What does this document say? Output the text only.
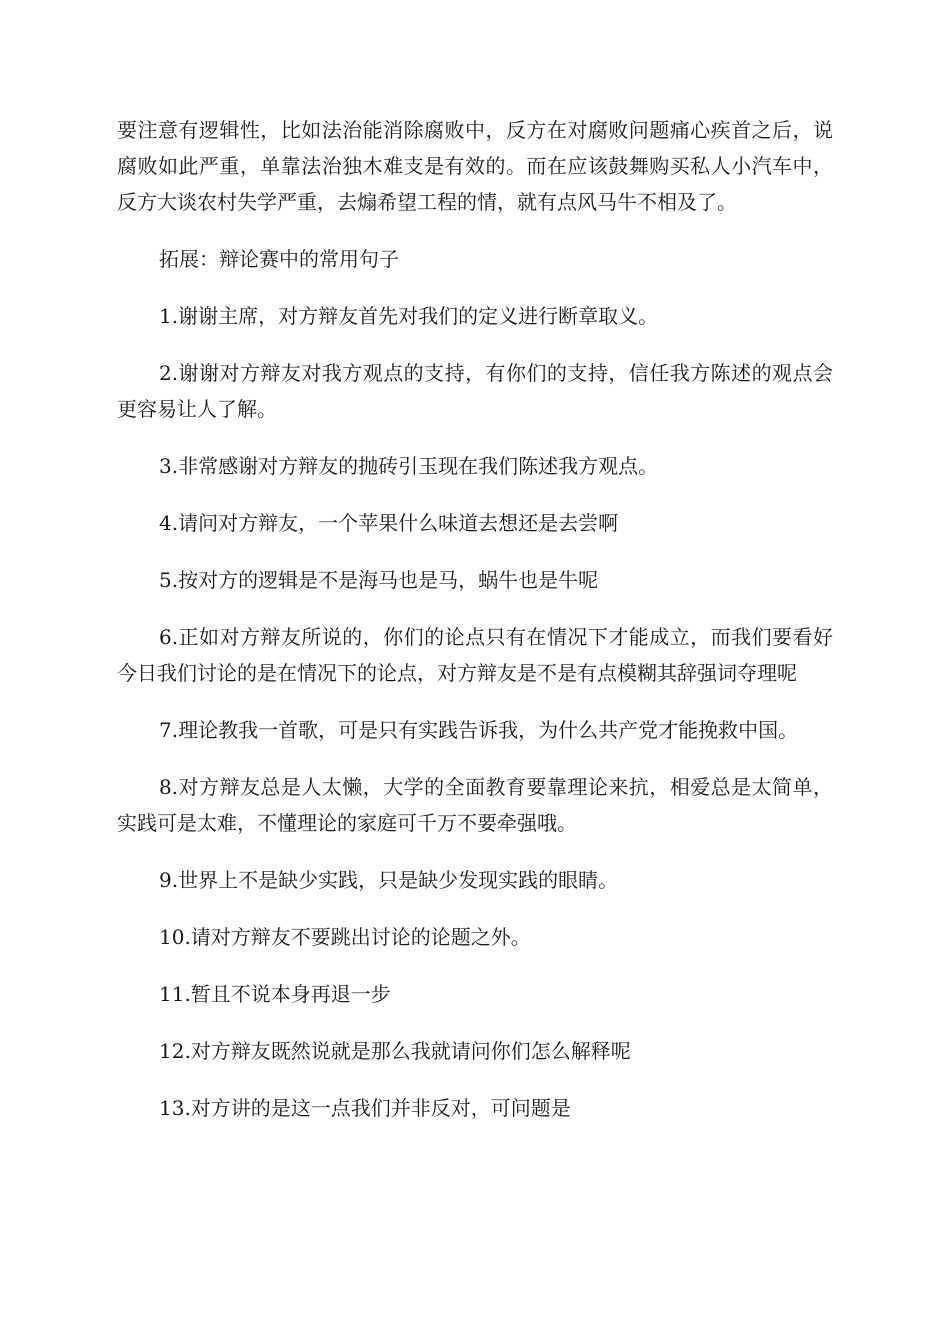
要注意有逻辑性，比如法治能消除腐败中，反方在对腐败问题痛心疾首之后，说腐败如此严重，单靠法治独木难支是有效的。而在应该鼓舞购买私人小汽车中，反方大谈农村失学严重，去煽希望工程的情，就有点风马牛不相及了。

拓展：辩论赛中的常用句子

1.谢谢主席，对方辩友首先对我们的定义进行断章取义。

2.谢谢对方辩友对我方观点的支持，有你们的支持，信任我方陈述的观点会更容易让人了解。

3.非常感谢对方辩友的抛砖引玉现在我们陈述我方观点。

4.请问对方辩友，一个苹果什么味道去想还是去尝啊

5.按对方的逻辑是不是海马也是马，蜗牛也是牛呢

6.正如对方辩友所说的，你们的论点只有在情况下才能成立，而我们要看好今日我们讨论的是在情况下的论点，对方辩友是不是有点模糊其辞强词夺理呢

7.理论教我一首歌，可是只有实践告诉我，为什么共产党才能挽救中国。

8.对方辩友总是人太懒，大学的全面教育要靠理论来抗，相爱总是太简单，实践可是太难，不懂理论的家庭可千万不要牵强哦。

9.世界上不是缺少实践，只是缺少发现实践的眼睛。

10.请对方辩友不要跳出讨论的论题之外。

11.暂且不说本身再退一步

12.对方辩友既然说就是那么我就请问你们怎么解释呢

13.对方讲的是这一点我们并非反对，可问题是
